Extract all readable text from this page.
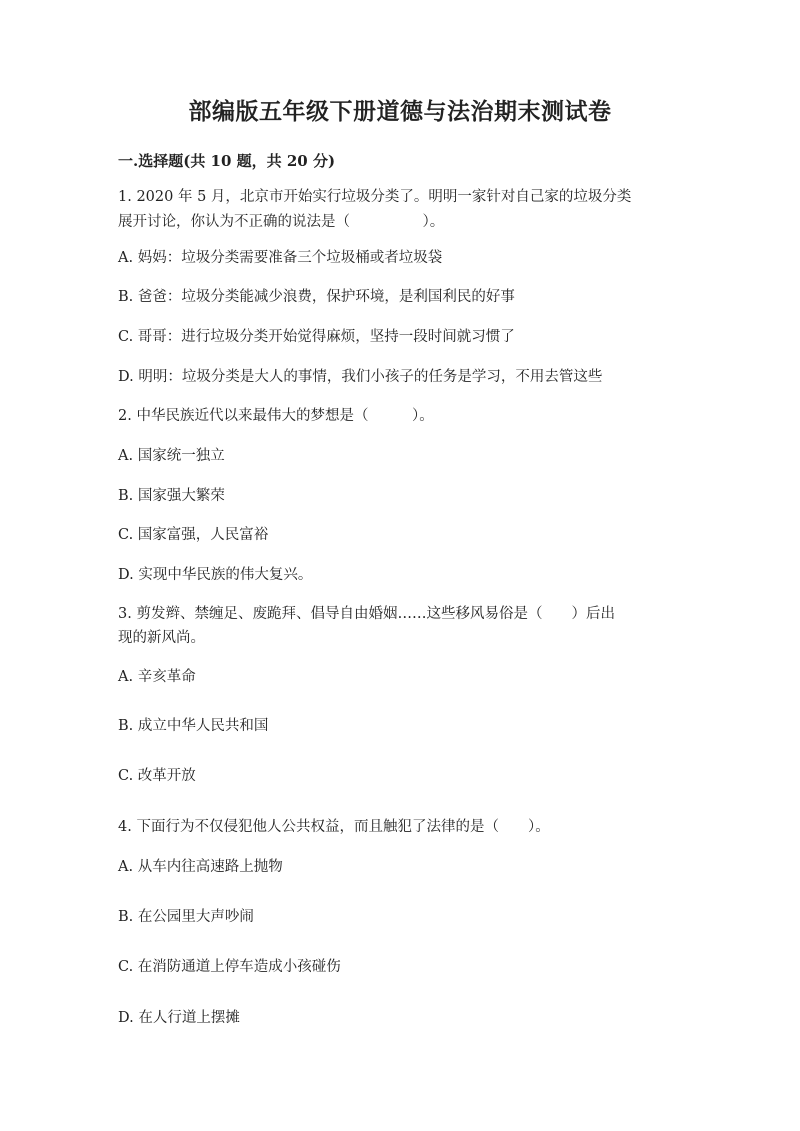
部编版五年级下册道德与法治期末测试卷
一.选择题(共 10 题，共 20 分)

1. 2020 年 5 月，北京市开始实行垃圾分类了。明明一家针对自己家的垃圾分类

展开讨论，你认为不正确的说法是（　　　　　）。

A. 妈妈：垃圾分类需要准备三个垃圾桶或者垃圾袋

B. 爸爸：垃圾分类能减少浪费，保护环境，是利国利民的好事

C. 哥哥：进行垃圾分类开始觉得麻烦，坚持一段时间就习惯了

D. 明明：垃圾分类是大人的事情，我们小孩子的任务是学习，不用去管这些

2. 中华民族近代以来最伟大的梦想是（　　　）。

A. 国家统一独立

B. 国家强大繁荣

C. 国家富强，人民富裕

D. 实现中华民族的伟大复兴。

3. 剪发辫、禁缠足、废跪拜、倡导自由婚姻……这些移风易俗是（　　）后出

现的新风尚。

A. 辛亥革命

B. 成立中华人民共和国

C. 改革开放

4. 下面行为不仅侵犯他人公共权益，而且触犯了法律的是（　　）。

A. 从车内往高速路上抛物

B. 在公园里大声吵闹

C. 在消防通道上停车造成小孩碰伤

D. 在人行道上摆摊
